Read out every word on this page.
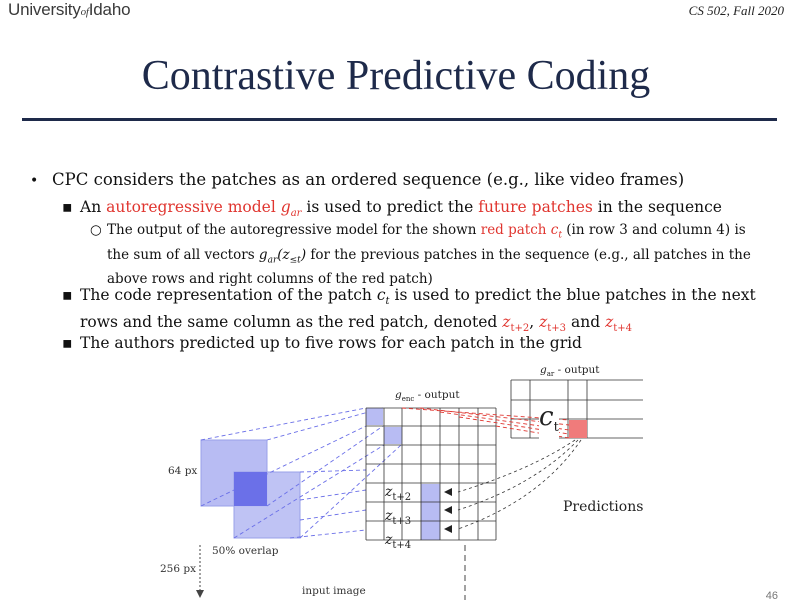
UniversityofIdaho	CS 502, Fall 2020
Contrastive Predictive Coding
• CPC considers the patches as an ordered sequence (e.g., like video frames)
▪ An autoregressive model $g_{ar}$ is used to predict the future patches in the sequence
○ The output of the autoregressive model for the shown red patch $c_t$ (in row 3 and column 4) is
the sum of all vectors $g_{ar}(z_{\le t})$ for the previous patches in the sequence (e.g., all patches in the
above rows and right columns of the red patch)
▪ The code representation of the patch $c_t$ is used to predict the blue patches in the next
rows and the same column as the red patch, denoted $z_{t+2}$, $z_{t+3}$ and $z_{t+4}$
▪ The authors predicted up to five rows for each patch in the grid
$g_{enc}$ - output
$g_{ar}$ - output
$c_t$
$z_{t+2}$
$z_{t+3}$
$z_{t+4}$
Predictions
64 px
50% overlap
256 px
input image	46
